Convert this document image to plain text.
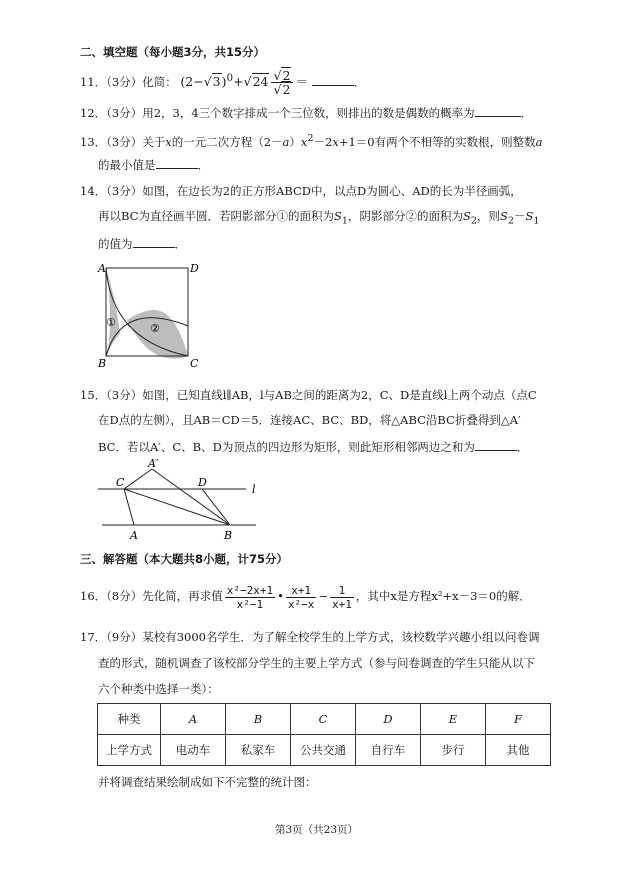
二、填空题（每小题3分，共15分）
11．（3分）化简： $(2-√3)^0+√24 \frac{√2}{√2}$ ＝	．
12．（3分）用2，3，4三个数字排成一个三位数，则排出的数是偶数的概率为	．
13．（3分）关于x的一元二次方程$(2-a)x^2-2x+1=0$有两个不相等的实数根，则整数a
的最小值是	．
14．（3分）如图，在边长为2的正方形ABCD中，以点D为圆心、AD的长为半径画弧，
再以BC为直径画半圆．若阴影部分①的面积为$S_1$，阴影部分②的面积为$S_2$，则$S_2-S_1$
的值为	．
A	D
B	C
①	②
15．（3分）如图，已知直线l∥AB，l与AB之间的距离为2，C、D是直线l上两个动点（点C
在D点的左侧），且AB＝CD＝5．连接AC、BC、BD，将△ABC沿BC折叠得到△A′
BC．若以A′、C、B、D为顶点的四边形为矩形，则此矩形相邻两边之和为	．
A′
C	D
l
A	B
三、解答题（本大题共8小题，计75分）
16．（8分）先化简，再求值 $\frac{\text{x²−2x+1}}{\text{x²−1}}$ • $\frac{x+1}{\text{x²−x}} - \frac{1}{x+1}$ ，其中x是方程x²+x－3＝0的解．
17．（9分）某校有3000名学生．为了解全校学生的上学方式，该校数学兴趣小组以问卷调
查的形式，随机调查了该校部分学生的主要上学方式（参与问卷调查的学生只能从以下
六个种类中选择一类）：
种类	A	B	C	D	E	F
上学方式	电动车	私家车	公共交通	自行车	步行	其他
并将调查结果绘制成如下不完整的统计图：
第3页（共23页）
